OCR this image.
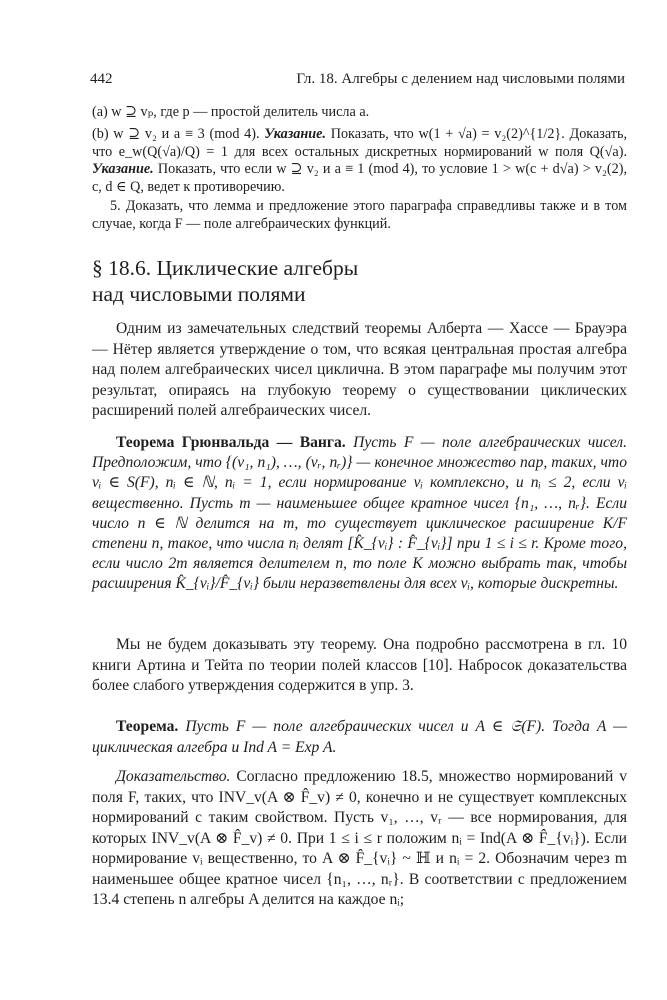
442	Гл. 18. Алгебры с делением над числовыми полями
(a) w ⊇ vₚ, где p — простой делитель числа a.
(b) w ⊇ v₂ и a ≡ 3 (mod 4). Указание. Показать, что w(1 + √a) = v₂(2)^{1/2}. Доказать, что e_w(Q(√a)/Q) = 1 для всех остальных дискретных нормирований w поля Q(√a). Указание. Показать, что если w ⊇ v₂ и a ≡ 1 (mod 4), то условие 1 > w(c + d√a) > v₂(2), c, d ∈ Q, ведет к противоречию.
5. Доказать, что лемма и предложение этого параграфа справедливы также и в том случае, когда F — поле алгебраических функций.
§ 18.6. Циклические алгебры
над числовыми полями
Одним из замечательных следствий теоремы Алберта — Хассе — Брауэра — Нётер является утверждение о том, что всякая центральная простая алгебра над полем алгебраических чисел циклична. В этом параграфе мы получим этот результат, опираясь на глубокую теорему о существовании циклических расширений полей алгебраических чисел.
Теорема Грюнвальда — Ванга. Пусть F — поле алгебраических чисел. Предположим, что {(v₁, n₁), …, (vᵣ, nᵣ)} — конечное множество пар, таких, что vᵢ ∈ S(F), nᵢ ∈ ℕ, nᵢ = 1, если нормирование vᵢ комплексно, и nᵢ ≤ 2, если vᵢ вещественно. Пусть m — наименьшее общее кратное чисел {n₁, …, nᵣ}. Если число n ∈ ℕ делится на m, то существует циклическое расширение K/F степени n, такое, что числа nᵢ делят [K̂_{vᵢ} : F̂_{vᵢ}] при 1 ≤ i ≤ r. Кроме того, если число 2m является делителем n, то поле K можно выбрать так, чтобы расширения K̂_{vᵢ}/F̂_{vᵢ} были неразветвлены для всех vᵢ, которые дискретны.
Мы не будем доказывать эту теорему. Она подробно рассмотрена в гл. 10 книги Артина и Тейта по теории полей классов [10]. Набросок доказательства более слабого утверждения содержится в упр. 3.
Теорема. Пусть F — поле алгебраических чисел и A ∈ 𝔖(F). Тогда A — циклическая алгебра и Ind A = Exp A.
Доказательство. Согласно предложению 18.5, множество нормирований v поля F, таких, что INV_v(A ⊗ F̂_v) ≠ 0, конечно и не существует комплексных нормирований с таким свойством. Пусть v₁, …, vᵣ — все нормирования, для которых INV_v(A ⊗ F̂_v) ≠ 0. При 1 ≤ i ≤ r положим nᵢ = Ind(A ⊗ F̂_{vᵢ}). Если нормирование vᵢ вещественно, то A ⊗ F̂_{vᵢ} ~ ℍ и nᵢ = 2. Обозначим через m наименьшее общее кратное чисел {n₁, …, nᵣ}. В соответствии с предложением 13.4 степень n алгебры A делится на каждое nᵢ;
